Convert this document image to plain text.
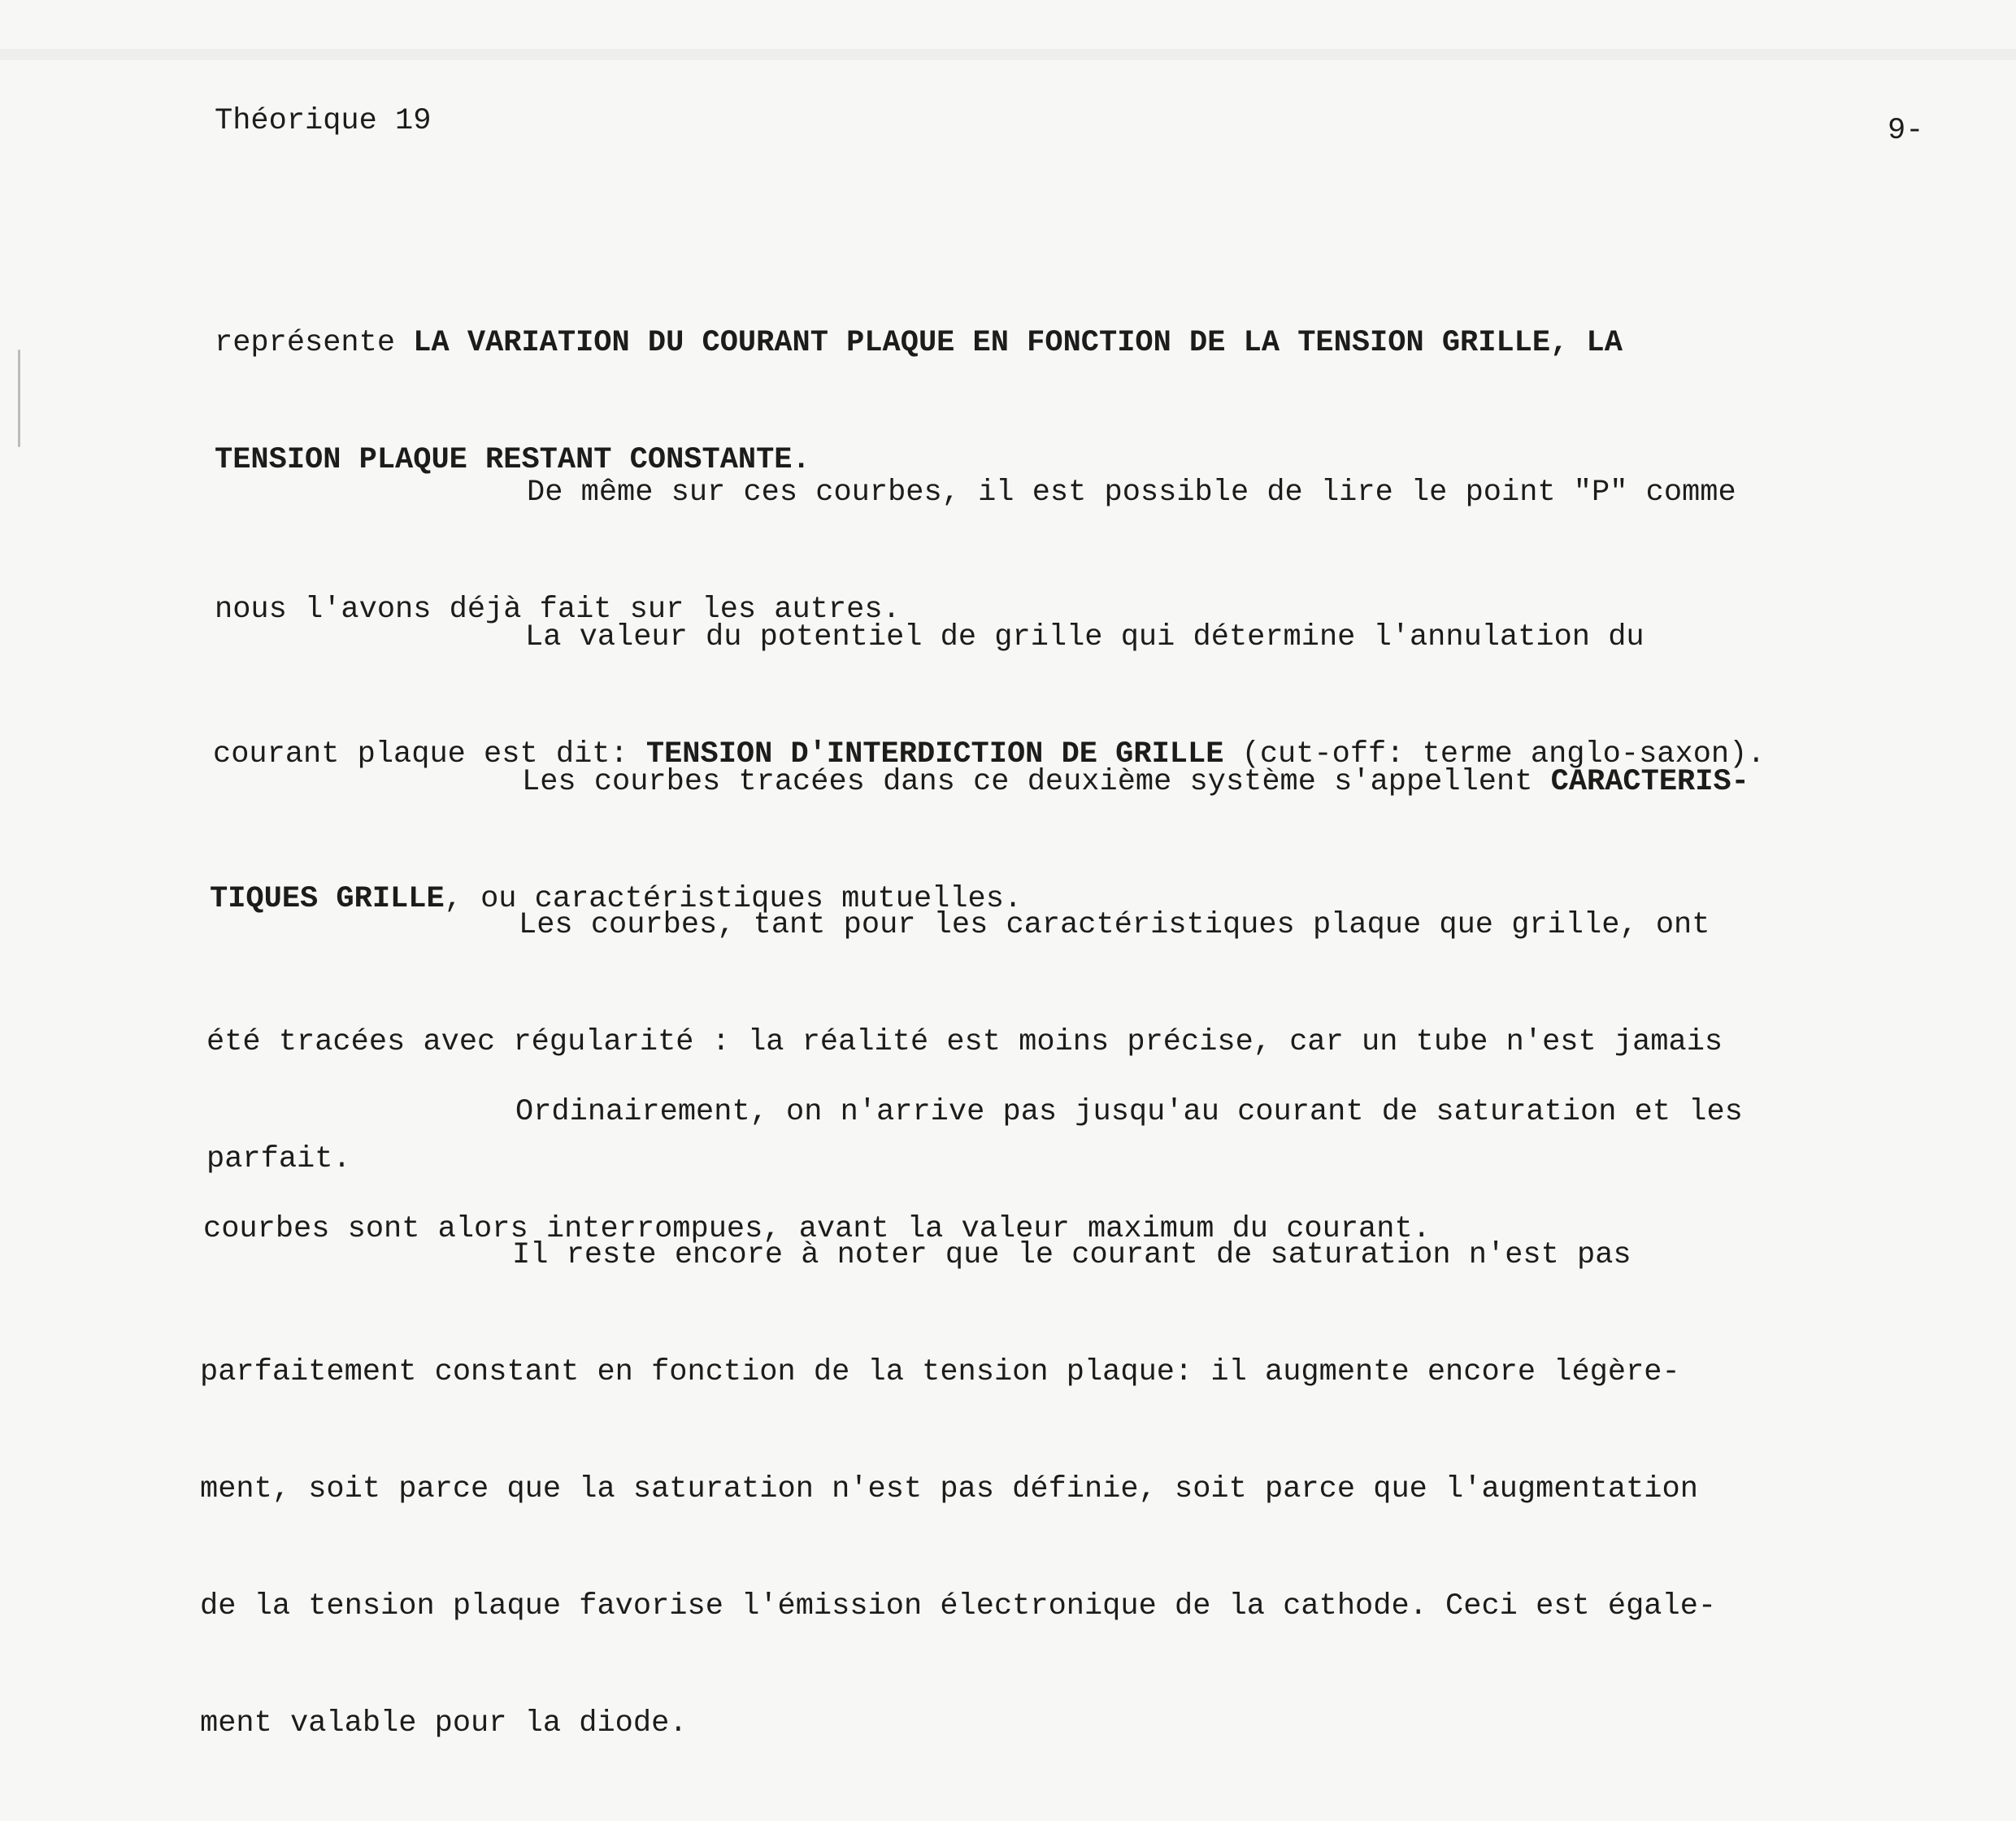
Théorique 19	9-

représente LA VARIATION DU COURANT PLAQUE EN FONCTION DE LA TENSION GRILLE, LA

TENSION PLAQUE RESTANT CONSTANTE.

De même sur ces courbes, il est possible de lire le point "P" comme

nous l'avons déjà fait sur les autres.

La valeur du potentiel de grille qui détermine l'annulation du

courant plaque est dit: TENSION D'INTERDICTION DE GRILLE (cut-off: terme anglo-saxon).

Les courbes tracées dans ce deuxième système s'appellent CARACTERIS-

TIQUES GRILLE, ou caractéristiques mutuelles.

Les courbes, tant pour les caractéristiques plaque que grille, ont

été tracées avec régularité : la réalité est moins précise, car un tube n'est jamais

parfait.

Ordinairement, on n'arrive pas jusqu'au courant de saturation et les

courbes sont alors interrompues, avant la valeur maximum du courant.

Il reste encore à noter que le courant de saturation n'est pas

parfaitement constant en fonction de la tension plaque: il augmente encore légère-

ment, soit parce que la saturation n'est pas définie, soit parce que l'augmentation

de la tension plaque favorise l'émission électronique de la cathode. Ceci est égale-

ment valable pour la diode.
